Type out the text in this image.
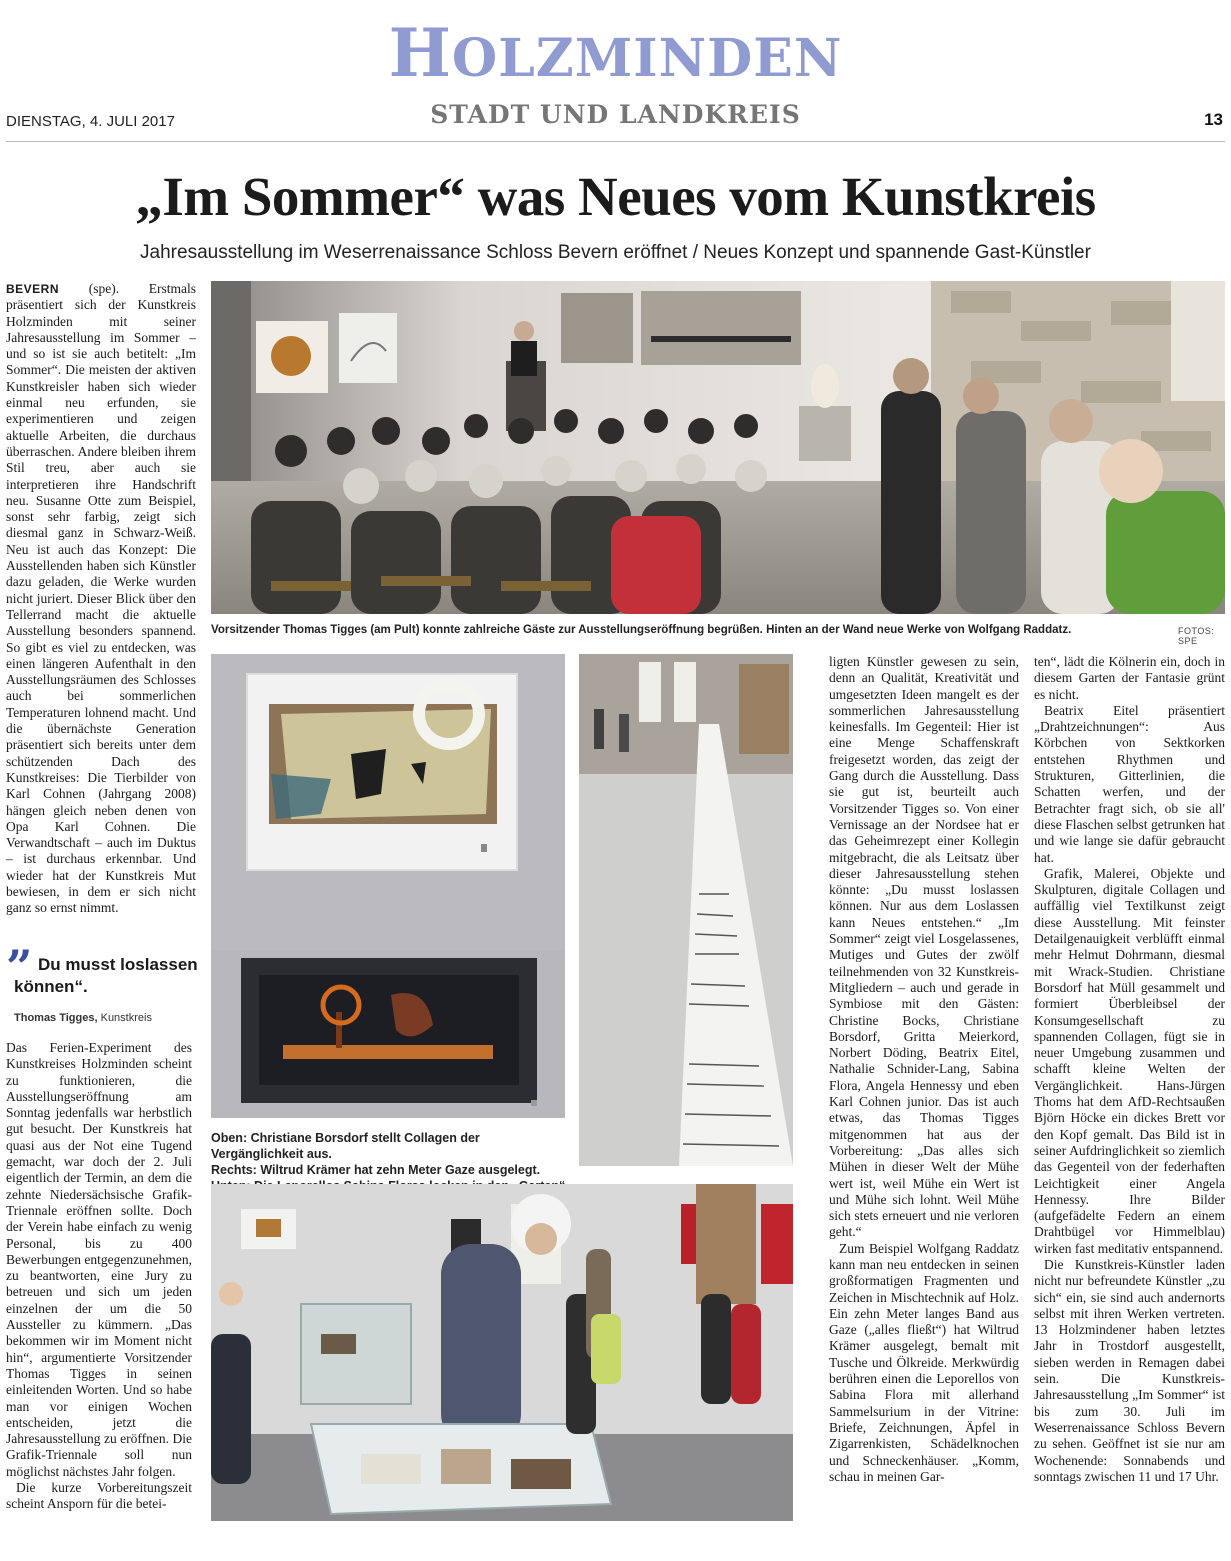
HOLZMINDEN
DIENSTAG, 4. JULI 2017	STADT UND LANDKREIS	13
„Im Sommer“ was Neues vom Kunstkreis
Jahresausstellung im Weserrenaissance Schloss Bevern eröffnet / Neues Konzept und spannende Gast-Künstler
Vorsitzender Thomas Tigges (am Pult) konnte zahlreiche Gäste zur Ausstellungseröffnung begrüßen. Hinten an der Wand neue Werke von Wolfgang Raddatz.	FOTOS: SPE
Oben: Christiane Borsdorf stellt Collagen der Vergänglichkeit aus.
Rechts: Wiltrud Krämer hat zehn Meter Gaze ausgelegt.

BEVERN (spe). Erstmals präsentiert sich der Kunstkreis Holzminden mit seiner Jahresausstellung im Sommer – und so ist sie auch betitelt: „Im Sommer“. Die meisten der aktiven Kunstkreisler haben sich wieder einmal neu erfunden, sie experimentieren und zeigen aktuelle Arbeiten, die durchaus überraschen. Andere bleiben ihrem Stil treu, aber auch sie interpretieren ihre Handschrift neu. Susanne Otte zum Beispiel, sonst sehr farbig, zeigt sich diesmal ganz in Schwarz-Weiß. Neu ist auch das Konzept: Die Ausstellenden haben sich Künstler dazu geladen, die Werke wurden nicht juriert. Dieser Blick über den Tellerrand macht die aktuelle Ausstellung besonders spannend. So gibt es viel zu entdecken, was einen längeren Aufenthalt in den Ausstellungsräumen des Schlosses auch bei sommerlichen Temperaturen lohnend macht. Und die übernächste Generation präsentiert sich bereits unter dem schützenden Dach des Kunstkreises: Die Tierbilder von Karl Cohnen (Jahrgang 2008) hängen gleich neben denen von Opa Karl Cohnen. Die Verwandtschaft – auch im Duktus – ist durchaus erkennbar. Und wieder hat der Kunstkreis Mut bewiesen, in dem er sich nicht ganz so ernst nimmt.

” Du musst loslassen
können“.
Thomas Tigges, Kunstkreis

Das Ferien-Experiment des Kunstkreises Holzminden scheint zu funktionieren, die Ausstellungseröffnung am Sonntag jedenfalls war herbstlich gut besucht. Der Kunstkreis hat quasi aus der Not eine Tugend gemacht, war doch der 2. Juli eigentlich der Termin, an dem die zehnte Niedersächsische Grafik-Triennale eröffnen sollte. Doch der Verein habe einfach zu wenig Personal, bis zu 400 Bewerbungen entgegenzunehmen, zu beantworten, eine Jury zu betreuen und sich um jeden einzelnen der um die 50 Aussteller zu kümmern. „Das bekommen wir im Moment nicht hin“, argumentierte Vorsitzender Thomas Tigges in seinen einleitenden Worten. Und so habe man vor einigen Wochen entscheiden, jetzt die Jahresausstellung zu eröffnen. Die Grafik-Triennale soll nun möglichst nächstes Jahr folgen.

Die kurze Vorbereitungszeit scheint Ansporn für die betei-

ligten Künstler gewesen zu sein, denn an Qualität, Kreativität und umgesetzten Ideen mangelt es der sommerlichen Jahresausstellung keinesfalls. Im Gegenteil: Hier ist eine Menge Schaffenskraft freigesetzt worden, das zeigt der Gang durch die Ausstellung. Dass sie gut ist, beurteilt auch Vorsitzender Tigges so. Von einer Vernissage an der Nordsee hat er das Geheimrezept einer Kollegin mitgebracht, die als Leitsatz über dieser Jahresausstellung stehen könnte: „Du musst loslassen können. Nur aus dem Loslassen kann Neues entstehen.“ „Im Sommer“ zeigt viel Losgelassenes, Mutiges und Gutes der zwölf teilnehmenden von 32 Kunstkreis-Mitgliedern – auch und gerade in Symbiose mit den Gästen: Christine Bocks, Christiane Borsdorf, Gritta Meierkord, Norbert Döding, Beatrix Eitel, Nathalie Schnider-Lang, Sabina Flora, Angela Hennessy und eben Karl Cohnen junior. Das ist auch etwas, das Thomas Tigges mitgenommen hat aus der Vorbereitung: „Das alles sich Mühen in dieser Welt der Mühe wert ist, weil Mühe ein Wert ist und Mühe sich lohnt. Weil Mühe sich stets erneuert und nie verloren geht.“

Zum Beispiel Wolfgang Raddatz kann man neu entdecken in seinen großformatigen Fragmenten und Zeichen in Mischtechnik auf Holz. Ein zehn Meter langes Band aus Gaze („alles fließt“) hat Wiltrud Krämer ausgelegt, bemalt mit Tusche und Ölkreide. Merkwürdig berühren einen die Leporellos von Sabina Flora mit allerhand Sammelsurium in der Vitrine: Briefe, Zeichnungen, Äpfel in Zigarrenkisten, Schädelknochen und Schneckenhäuser. „Komm, schau in meinen Gar-

ten“, lädt die Kölnerin ein, doch in diesem Garten der Fantasie grünt es nicht.

Beatrix Eitel präsentiert „Drahtzeichnungen“: Aus Körbchen von Sektkorken entstehen Rhythmen und Strukturen, Gitterlinien, die Schatten werfen, und der Betrachter fragt sich, ob sie all' diese Flaschen selbst getrunken hat und wie lange sie dafür gebraucht hat.

Grafik, Malerei, Objekte und Skulpturen, digitale Collagen und auffällig viel Textilkunst zeigt diese Ausstellung. Mit feinster Detailgenauigkeit verblüfft einmal mehr Helmut Dohrmann, diesmal mit Wrack-Studien. Christiane Borsdorf hat Müll gesammelt und formiert Überbleibsel der Konsumgesellschaft zu spannenden Collagen, fügt sie in neuer Umgebung zusammen und schafft kleine Welten der Vergänglichkeit. Hans-Jürgen Thoms hat dem AfD-Rechtsaußen Björn Höcke ein dickes Brett vor den Kopf gemalt. Das Bild ist in seiner Aufdringlichkeit so ziemlich das Gegenteil von der federhaften Leichtigkeit einer Angela Hennessy. Ihre Bilder (aufgefädelte Federn an einem Drahtbügel vor Himmelblau) wirken fast meditativ entspannend.

Die Kunstkreis-Künstler laden nicht nur befreundete Künstler „zu sich“ ein, sie sind auch andernorts selbst mit ihren Werken vertreten. 13 Holzmindener haben letztes Jahr in Trostdorf ausgestellt, sieben werden in Remagen dabei sein. Die Kunstkreis-Jahresausstellung „Im Sommer“ ist bis zum 30. Juli im Weserrenaissance Schloss Bevern zu sehen. Geöffnet ist sie nur am Wochenende: Sonnabends und sonntags zwischen 11 und 17 Uhr.
